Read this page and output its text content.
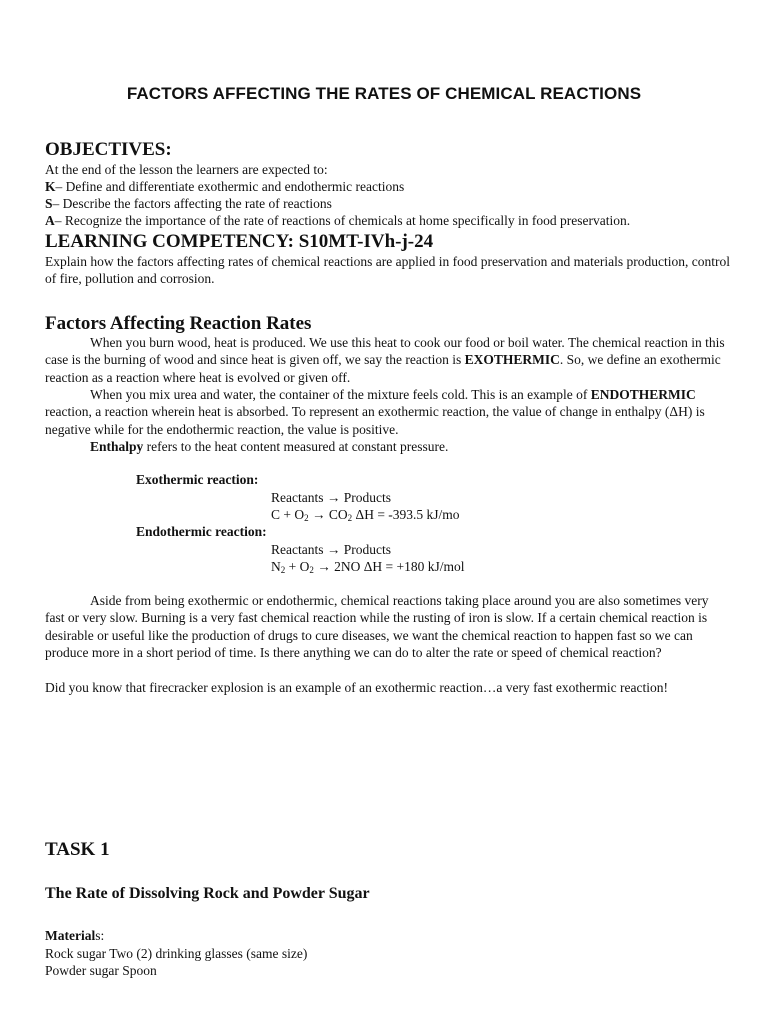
FACTORS AFFECTING THE RATES OF CHEMICAL REACTIONS
OBJECTIVES:
At the end of the lesson the learners are expected to:
K– Define and differentiate exothermic and endothermic reactions
S– Describe the factors affecting the rate of reactions
A– Recognize the importance of the rate of reactions of chemicals at home specifically in food preservation.
LEARNING COMPETENCY: S10MT-IVh-j-24
Explain how the factors affecting rates of chemical reactions are applied in food preservation and materials production, control of fire, pollution and corrosion.
Factors Affecting Reaction Rates
When you burn wood, heat is produced. We use this heat to cook our food or boil water. The chemical reaction in this case is the burning of wood and since heat is given off, we say the reaction is EXOTHERMIC. So, we define an exothermic reaction as a reaction where heat is evolved or given off.
When you mix urea and water, the container of the mixture feels cold. This is an example of ENDOTHERMIC reaction, a reaction wherein heat is absorbed. To represent an exothermic reaction, the value of change in enthalpy (ΔH) is negative while for the endothermic reaction, the value is positive.
Enthalpy refers to the heat content measured at constant pressure.
Exothermic reaction:
Reactants → Products
$C + O_2 \to CO_2$ ΔH = -393.5 kJ/mo
Endothermic reaction:
Reactants → Products
$N_2 + O_2 \to 2NO$ ΔH = +180 kJ/mol
Aside from being exothermic or endothermic, chemical reactions taking place around you are also sometimes very fast or very slow. Burning is a very fast chemical reaction while the rusting of iron is slow. If a certain chemical reaction is desirable or useful like the production of drugs to cure diseases, we want the chemical reaction to happen fast so we can produce more in a short period of time. Is there anything we can do to alter the rate or speed of chemical reaction?
Did you know that firecracker explosion is an example of an exothermic reaction…a very fast exothermic reaction!
TASK 1
The Rate of Dissolving Rock and Powder Sugar
Materials:
Rock sugar Two (2) drinking glasses (same size)
Powder sugar Spoon
